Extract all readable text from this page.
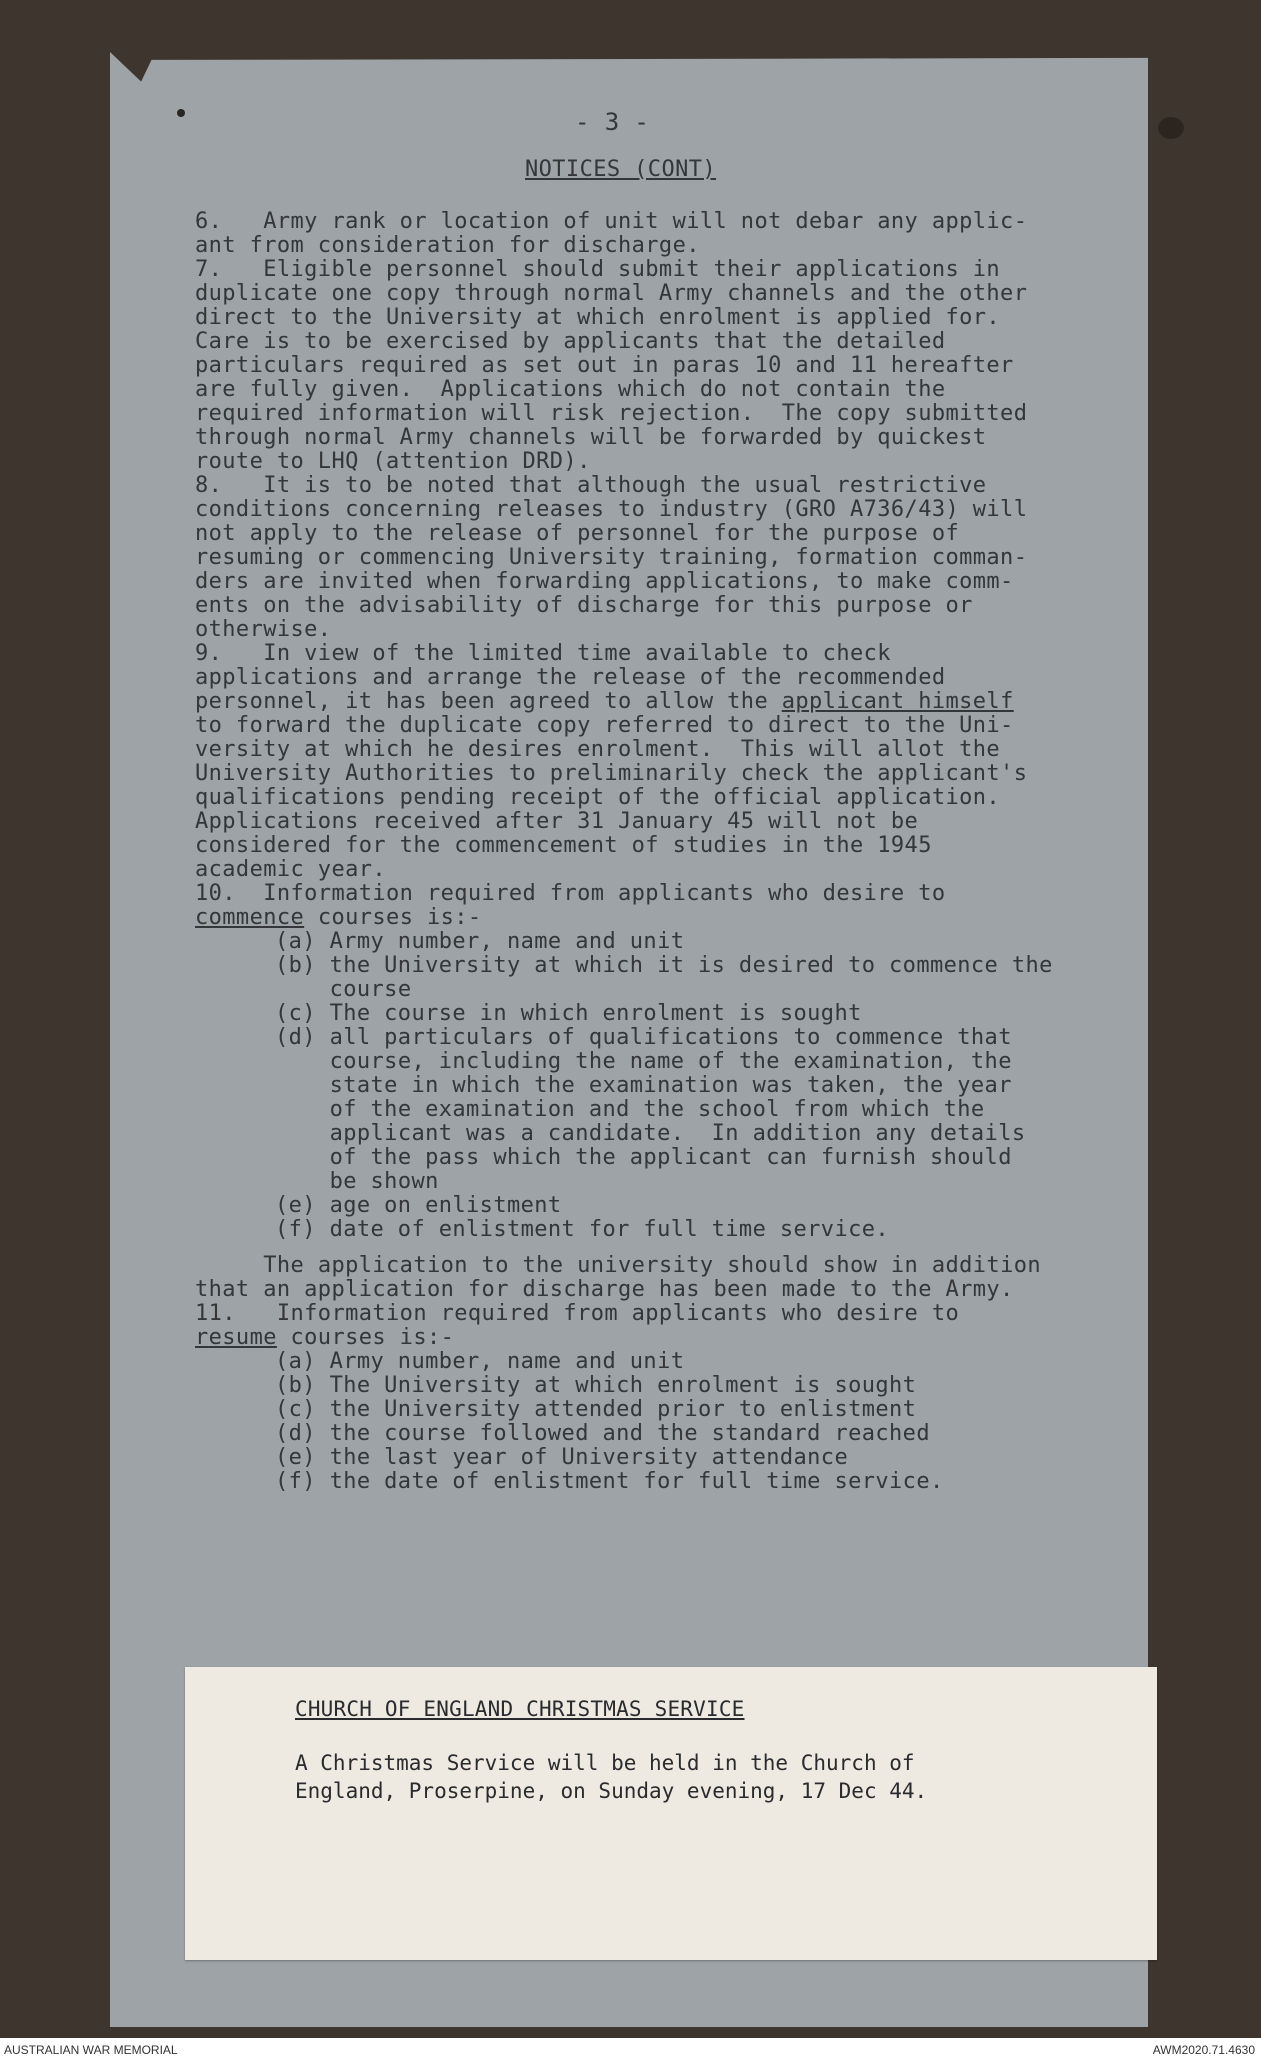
- 3 -
NOTICES (CONT)

6.   Army rank or location of unit will not debar any applic-
ant from consideration for discharge.

7.   Eligible personnel should submit their applications in
duplicate one copy through normal Army channels and the other
direct to the University at which enrolment is applied for.
Care is to be exercised by applicants that the detailed
particulars required as set out in paras 10 and 11 hereafter
are fully given.  Applications which do not contain the
required information will risk rejection.  The copy submitted
through normal Army channels will be forwarded by quickest
route to LHQ (attention DRD).

8.   It is to be noted that although the usual restrictive
conditions concerning releases to industry (GRO A736/43) will
not apply to the release of personnel for the purpose of
resuming or commencing University training, formation comman-
ders are invited when forwarding applications, to make comm-
ents on the advisability of discharge for this purpose or
otherwise.

9.   In view of the limited time available to check
applications and arrange the release of the recommended
personnel, it has been agreed to allow the applicant himself
to forward the duplicate copy referred to direct to the Uni-
versity at which he desires enrolment.  This will allot the
University Authorities to preliminarily check the applicant's
qualifications pending receipt of the official application.
Applications received after 31 January 45 will not be
considered for the commencement of studies in the 1945
academic year.

10.  Information required from applicants who desire to
commence courses is:-

(a) Army number, name and unit
(b) the University at which it is desired to commence the
course
(c) The course in which enrolment is sought
(d) all particulars of qualifications to commence that
course, including the name of the examination, the
state in which the examination was taken, the year
of the examination and the school from which the
applicant was a candidate.  In addition any details
of the pass which the applicant can furnish should
be shown
(e) age on enlistment
(f) date of enlistment for full time service.

The application to the university should show in addition
that an application for discharge has been made to the Army.

11.   Information required from applicants who desire to
resume courses is:-

(a) Army number, name and unit
(b) The University at which enrolment is sought
(c) the University attended prior to enlistment
(d) the course followed and the standard reached
(e) the last year of University attendance
(f) the date of enlistment for full time service.
CHURCH OF ENGLAND CHRISTMAS SERVICE
A Christmas Service will be held in the Church of
England, Proserpine, on Sunday evening, 17 Dec 44.
AUSTRALIAN WAR MEMORIAL	AWM2020.71.4630
